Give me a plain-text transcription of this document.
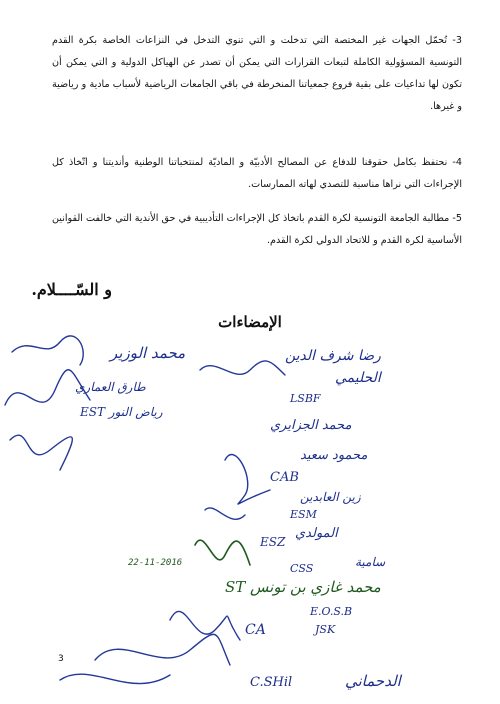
3- تُحمّل الجهات غير المختصة التي تدخلت و التي تنوي التدخل في النزاعات الخاصة بكرة القدم التونسية المسؤولية الكاملة لتبعات القرارات التي يمكن أن تصدر عن الهياكل الدولية و التي يمكن أن تكون لها تداعيات على بقية فروع جمعياتنا المنخرطة في باقي الجامعات الرياضية لأسباب مادية و رياضية و غيرها.

4- نحتفظ بكامل حقوقنا للدفاع عن المصالح الأدبيّة و الماديّة لمنتخباتنا الوطنية وأنديتنا و اتّخاذ كل الإجراءات التي نراها مناسبة للتصدي لهاته الممارسات.

5- مطالبة الجامعة التونسية لكرة القدم باتخاذ كل الإجراءات التأديبية في حق الأندية التي خالفت القوانين الأساسية لكرة القدم و للاتحاد الدولي لكرة القدم.

و السّــــلام.
الإمضاءات
محمد الوزير
طارق العماري
رياض النور EST
رضا شرف الدين
الحليمي
LSBF
محمد الجزايري
محمود سعيد
CAB
زين العابدين
ESM
المولدي
ESZ
سامية
CSS
محمد غازي بن تونس ST
E.O.S.B
JSK
CA
C.SHil	الدحماني
22-11-2016
3
